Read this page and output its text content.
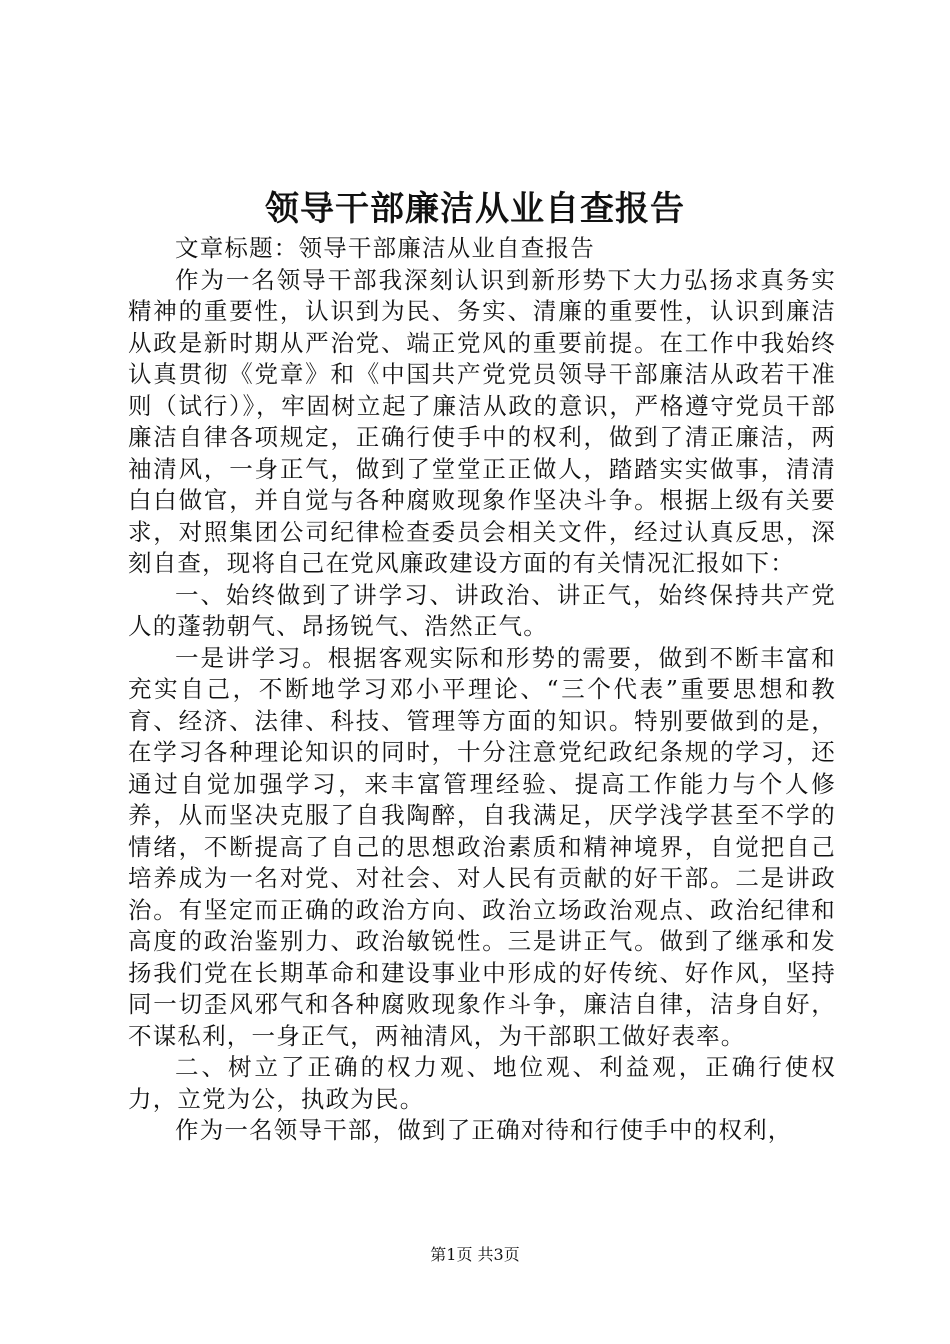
领导干部廉洁从业自查报告

文章标题：领导干部廉洁从业自查报告

作为一名领导干部我深刻认识到新形势下大力弘扬求真务实精神的重要性，认识到为民、务实、清廉的重要性，认识到廉洁从政是新时期从严治党、端正党风的重要前提。在工作中我始终认真贯彻《党章》和《中国共产党党员领导干部廉洁从政若干准则（试行）》，牢固树立起了廉洁从政的意识，严格遵守党员干部廉洁自律各项规定，正确行使手中的权利，做到了清正廉洁，两袖清风，一身正气，做到了堂堂正正做人，踏踏实实做事，清清白白做官，并自觉与各种腐败现象作坚决斗争。根据上级有关要求，对照集团公司纪律检查委员会相关文件，经过认真反思，深刻自查，现将自己在党风廉政建设方面的有关情况汇报如下：

一、始终做到了讲学习、讲政治、讲正气，始终保持共产党人的蓬勃朝气、昂扬锐气、浩然正气。

一是讲学习。根据客观实际和形势的需要，做到不断丰富和充实自己，不断地学习邓小平理论、“三个代表”重要思想和教育、经济、法律、科技、管理等方面的知识。特别要做到的是，在学习各种理论知识的同时，十分注意党纪政纪条规的学习，还通过自觉加强学习，来丰富管理经验、提高工作能力与个人修养，从而坚决克服了自我陶醉，自我满足，厌学浅学甚至不学的情绪，不断提高了自己的思想政治素质和精神境界，自觉把自己培养成为一名对党、对社会、对人民有贡献的好干部。二是讲政治。有坚定而正确的政治方向、政治立场政治观点、政治纪律和高度的政治鉴别力、政治敏锐性。三是讲正气。做到了继承和发扬我们党在长期革命和建设事业中形成的好传统、好作风，坚持同一切歪风邪气和各种腐败现象作斗争，廉洁自律，洁身自好，不谋私利，一身正气，两袖清风，为干部职工做好表率。

二、树立了正确的权力观、地位观、利益观，正确行使权力，立党为公，执政为民。

作为一名领导干部，做到了正确对待和行使手中的权利，

第1页 共3页
